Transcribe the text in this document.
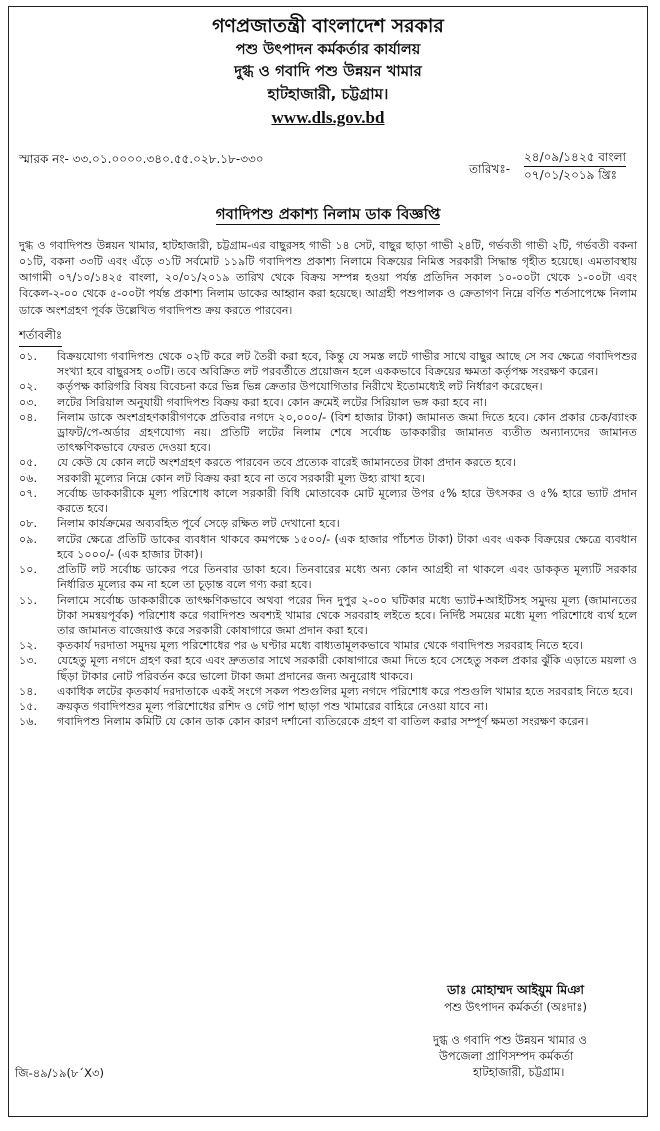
গণপ্রজাতন্ত্রী বাংলাদেশ সরকার
পশু উৎপাদন কর্মকর্তার কার্যালয়
দুগ্ধ ও গবাদি পশু উন্নয়ন খামার
হাটহাজারী, চট্টগ্রাম।
www.dls.gov.bd
স্মারক নং- ৩৩.০১.০০০০.৩৪০.৫৫.০২৮.১৮-৩৩০
তারিখঃ-
২৪/০৯/১৪২৫ বাংলা
০৭/০১/২০১৯ খ্রিঃ
গবাদিপশু প্রকাশ্য নিলাম ডাক বিজ্ঞপ্তি
দুগ্ধ ও গবাদিপশু উন্নয়ন খামার, হাটহাজারী, চট্টগ্রাম-এর বাছুরসহ গাভী ১৪ সেট, বাছুর ছাড়া গাভী ২৪টি, গর্ভবতী গাভী ২টি, গর্ভবতী বকনা ০১টি, বকনা ৩৩টি এবং এঁড়ে ৩১টি সর্বমোট ১১৯টি গবাদিপশু প্রকাশ্য নিলামে বিক্রয়ের নিমিত্ত সরকারী সিদ্ধান্ত গৃহীত হয়েছে। এমতাবস্থায় আগামী ০৭/১০/১৪২৫ বাংলা, ২০/০১/২০১৯ তারিখ থেকে বিক্রয় সম্পন্ন হওয়া পর্যন্ত প্রতিদিন সকাল ১০-০০টা থেকে ১-০০টা এবং বিকেল-২-০০ থেকে ৫-০০টা পর্যন্ত প্রকাশ্য নিলাম ডাকের আহ্বান করা হয়েছে। আগ্রহী পশুপালক ও ক্রেতাগণ নিম্নে বর্ণিত শর্তসাপেক্ষে নিলাম ডাকে অংশগ্রহণ পূর্বক উল্লেখিত গবাদিপশু ক্রয় করতে পারবেন।
শর্তাবলীঃ
০১.	বিক্রয়যোগ্য গবাদিপশু থেকে ০২টি করে লট তৈরী করা হবে, কিন্তু যে সমস্ত লটে গাভীর সাথে বাছুর আছে সে সব ক্ষেত্রে গবাদিপশুর সংখ্যা হবে বাছুরসহ ০৩টি। তবে অবিক্রিত লট পরবর্তীতে প্রয়োজন হলে এককভাবে বিক্রয়ের ক্ষমতা কর্তৃপক্ষ সংরক্ষণ করেন।
০২.	কর্তৃপক্ষ কারিগরি বিষয় বিবেচনা করে ভিন্ন ভিন্ন ক্রেতার উপযোগিতার নিরীখে ইতোমধ্যেই লট নির্ধারণ করেছেন।
০৩.	লটের সিরিয়াল অনুযায়ী গবাদিপশু বিক্রয় করা হবে। কোন ক্রমেই লটের সিরিয়াল ভঙ্গ করা হবে না।
০৪.	নিলাম ডাকে অংশগ্রহণকারীগণকে প্রতিবার নগদে ২০,০০০/- (বিশ হাজার টাকা) জামানত জমা দিতে হবে। কোন প্রকার চেক/ব্যাংক ড্রাফট/পে-অর্ডার গ্রহণযোগ্য নয়। প্রতিটি লটের নিলাম শেষে সর্বোচ্চ ডাককারীর জামানত ব্যতীত অন্যান্যদের জামানত তাৎক্ষণিকভাবে ফেরত দেওয়া হবে।
০৫.	যে কেউ যে কোন লটে অংশগ্রহণ করতে পারবেন তবে প্রত্যেক বারেই জামানতের টাকা প্রদান করতে হবে।
০৬.	সরকারী মূল্যের নিম্নে কোন লট বিক্রয় করা হবে না তবে সরকারী মূল্য উহ্য রাখা হবে।
০৭.	সর্বোচ্চ ডাককারীকে মূল্য পরিশোধ কালে সরকারী বিধি মোতাবেক মোট মূল্যের উপর ৫% হারে উৎসকর ও ৫% হারে ভ্যাট প্রদান করতে হবে।
০৮.	নিলাম কার্যক্রমের অব্যবহিত পূর্বে সেড়ে রক্ষিত লট দেখানো হবে।
০৯.	লটের ক্ষেত্রে প্রতিটি ডাকের ব্যবধান থাকবে কমপক্ষে ১৫০০/- (এক হাজার পাঁচশত টাকা) টাকা এবং একক বিক্রয়ের ক্ষেত্রে ব্যবধান হবে ১০০০/- (এক হাজার টাকা)।
১০.	প্রতিটি লট সর্বোচ্চ ডাকের পরে তিনবার ডাকা হবে। তিনবারের মধ্যে অন্য কোন আগ্রহী না থাকলে এবং ডাককৃত মূল্যটি সরকার নির্ধারিত মূল্যের কম না হলে তা চূড়ান্ত বলে গণ্য করা হবে।
১১.	নিলামে সর্বোচ্চ ডাককারীকে তাৎক্ষণিকভাবে অথবা পরের দিন দুপুর ২-০০ ঘটিকার মধ্যে ভ্যাট+আইটিসহ সমুদয় মূল্য (জামানতের টাকা সমন্বয়পূর্বক) পরিশোধ করে গবাদিপশু অবশ্যই খামার থেকে সরবরাহ লইতে হবে। নির্দিষ্ট সময়ের মধ্যে মূল্য পরিশোধে ব্যর্থ হলে তার জামানত বাজেয়াপ্ত করে সরকারী কোষাগারে জমা প্রদান করা হবে।
১২.	কৃতকার্য দরদাতা সমুদয় মূল্য পরিশোধের পর ৬ ঘণ্টার মধ্যে বাধ্যতামূলকভাবে খামার থেকে গবাদিপশু সরবরাহ নিতে হবে।
১৩.	যেহেতু মূল্য নগদে গ্রহণ করা হবে এবং দ্রুততার সাথে সরকারী কোষাগারে জমা দিতে হবে সেহেতু সকল প্রকার ঝুঁকি এড়াতে ময়লা ও ছিঁড়া টাকার নোট পরিবর্তন করে ভালো টাকা জমা প্রদানের জন্য অনুরোধ থাকবে।
১৪.	একাধিক লটের কৃতকার্য দরদাতাকে একই সংগে সকল পশুগুলির মূল্য নগদে পরিশোধ করে পশুগুলি খামার হতে সরবরাহ নিতে হবে।
১৫.	ক্রয়কৃত গবাদিপশুর মূল্য পরিশোধের রশিদ ও গেট পাশ ছাড়া পশু খামারের বাহিরে নেওয়া যাবে না।
১৬.	গবাদিপশু নিলাম কমিটি যে কোন ডাক কোন কারণ দর্শানো ব্যতিরেকে গ্রহণ বা বাতিল করার সম্পূর্ণ ক্ষমতা সংরক্ষণ করেন।
ডাঃ মোহাম্মদ আইয়ুম মিঞা
পশু উৎপাদন কর্মকর্তা (অঃদাঃ)
দুগ্ধ ও গবাদি পশু উন্নয়ন খামার ও
উপজেলা প্রাণিসম্পদ কর্মকর্তা
হাটহাজারী, চট্টগ্রাম।
জি-৪৯/১৯(৮´X৩)
